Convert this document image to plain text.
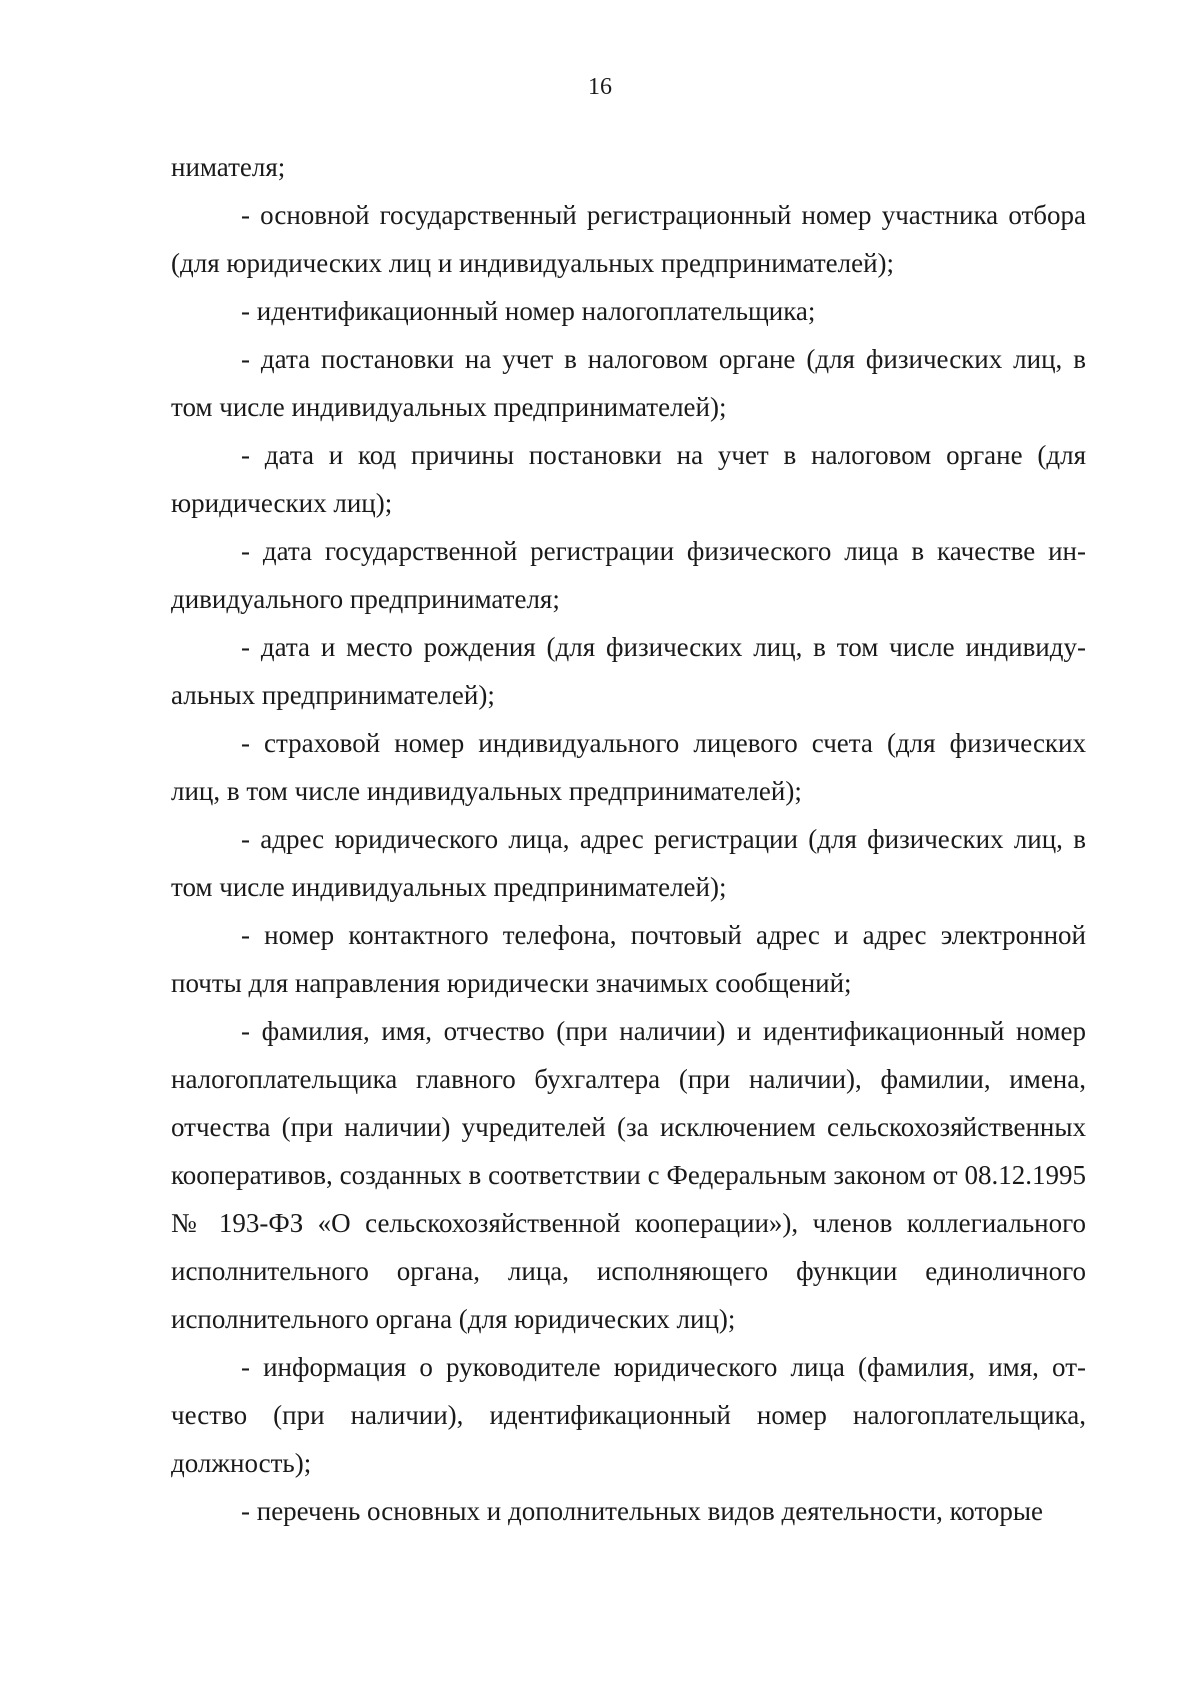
16

нимателя;

- основной государственный регистрационный номер участника отбора (для юридических лиц и индивидуальных предпринимателей);

- идентификационный номер налогоплательщика;

- дата постановки на учет в налоговом органе (для физических лиц, в том числе индивидуальных предпринимателей);

- дата и код причины постановки на учет в налоговом органе (для юридических лиц);

- дата государственной регистрации физического лица в качестве индивидуального предпринимателя;

- дата и место рождения (для физических лиц, в том числе индивидуальных предпринимателей);

- страховой номер индивидуального лицевого счета (для физических лиц, в том числе индивидуальных предпринимателей);

- адрес юридического лица, адрес регистрации (для физических лиц, в том числе индивидуальных предпринимателей);

- номер контактного телефона, почтовый адрес и адрес электронной почты для направления юридически значимых сообщений;

- фамилия, имя, отчество (при наличии) и идентификационный номер налогоплательщика главного бухгалтера (при наличии), фамилии, имена, отчества (при наличии) учредителей (за исключением сельскохозяйственных кооперативов, созданных в соответствии с Федеральным законом от 08.12.1995 № 193-ФЗ «О сельскохозяйственной кооперации»), членов коллегиального исполнительного органа, лица, исполняющего функции единоличного исполнительного органа (для юридических лиц);

- информация о руководителе юридического лица (фамилия, имя, отчество (при наличии), идентификационный номер налогоплательщика, должность);

- перечень основных и дополнительных видов деятельности, которые
